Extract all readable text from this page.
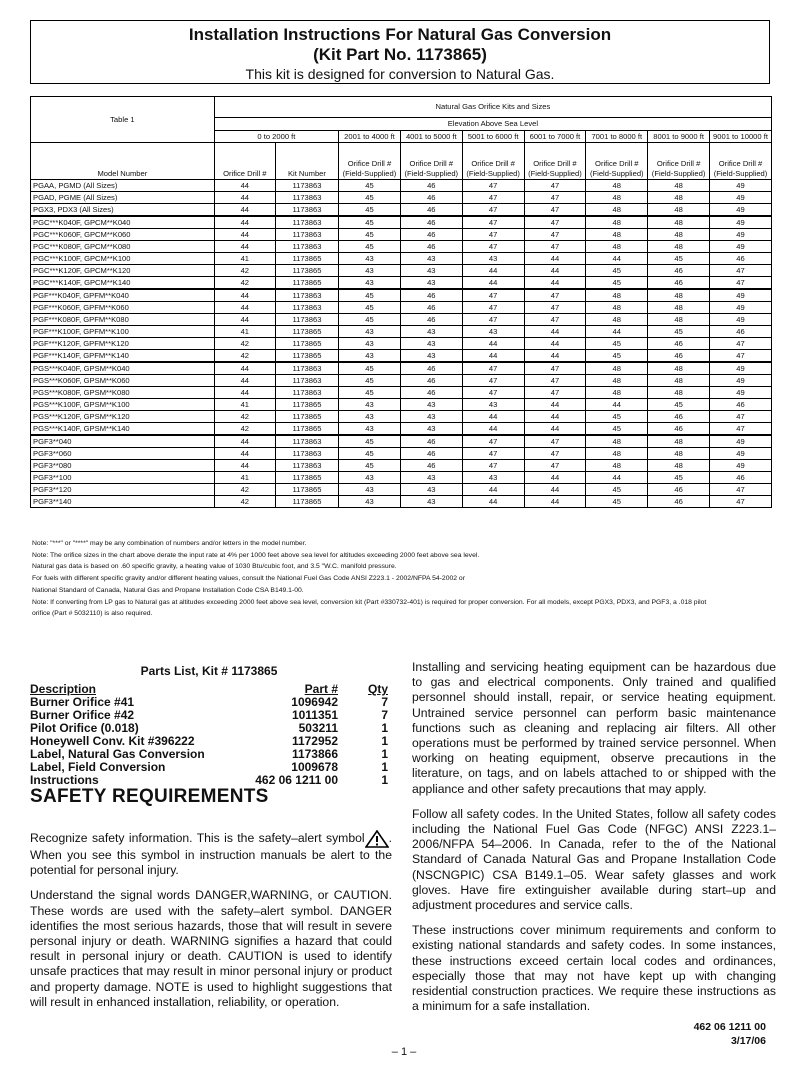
Installation Instructions For Natural Gas Conversion
(Kit Part No. 1173865)
This kit is designed for conversion to Natural Gas.
Table 1	Natural Gas Orifice Kits and Sizes								
	Elevation Above Sea Level								
	0 to 2000 ft		2001 to 4000 ft	4001 to 5000 ft	5001 to 6000 ft	6001 to 7000 ft	7001 to 8000 ft	8001 to 9000 ft	9001 to 10000 ft
Model Number	Orifice Drill #	Kit Number	Orifice Drill # (Field-Supplied)	Orifice Drill # (Field-Supplied)	Orifice Drill # (Field-Supplied)	Orifice Drill # (Field-Supplied)	Orifice Drill # (Field-Supplied)	Orifice Drill # (Field-Supplied)	Orifice Drill # (Field-Supplied)
PGAA, PGMD (All Sizes)	44	1173863	45	46	47	47	48	48	49
PGAD, PGME (All Sizes)	44	1173863	45	46	47	47	48	48	49
PGX3, PDX3 (All Sizes)	44	1173863	45	46	47	47	48	48	49
PGC***K040F, GPCM**K040	44	1173863	45	46	47	47	48	48	49
PGC***K060F, GPCM**K060	44	1173863	45	46	47	47	48	48	49
PGC***K080F, GPCM**K080	44	1173863	45	46	47	47	48	48	49
PGC***K100F, GPCM**K100	41	1173865	43	43	43	44	44	45	46
PGC***K120F, GPCM**K120	42	1173865	43	43	44	44	45	46	47
PGC***K140F, GPCM**K140	42	1173865	43	43	44	44	45	46	47
PGF***K040F, GPFM**K040	44	1173863	45	46	47	47	48	48	49
PGF***K060F, GPFM**K060	44	1173863	45	46	47	47	48	48	49
PGF***K080F, GPFM**K080	44	1173863	45	46	47	47	48	48	49
PGF***K100F, GPFM**K100	41	1173865	43	43	43	44	44	45	46
PGF***K120F, GPFM**K120	42	1173865	43	43	44	44	45	46	47
PGF***K140F, GPFM**K140	42	1173865	43	43	44	44	45	46	47
PGS***K040F, GPSM**K040	44	1173863	45	46	47	47	48	48	49
PGS***K060F, GPSM**K060	44	1173863	45	46	47	47	48	48	49
PGS***K080F, GPSM**K080	44	1173863	45	46	47	47	48	48	49
PGS***K100F, GPSM**K100	41	1173865	43	43	43	44	44	45	46
PGS***K120F, GPSM**K120	42	1173865	43	43	44	44	45	46	47
PGS***K140F, GPSM**K140	42	1173865	43	43	44	44	45	46	47
PGF3**040	44	1173863	45	46	47	47	48	48	49
PGF3**060	44	1173863	45	46	47	47	48	48	49
PGF3**080	44	1173863	45	46	47	47	48	48	49
PGF3**100	41	1173865	43	43	43	44	44	45	46
PGF3**120	42	1173865	43	43	44	44	45	46	47
PGF3**140	42	1173865	43	43	44	44	45	46	47
Note: "***" or "****" may be any combination of numbers and/or letters in the model number.
Note: The orifice sizes in the chart above derate the input rate at 4% per 1000 feet above sea level for altitudes exceeding 2000 feet above sea level.
Natural gas data is based on .60 specific gravity, a heating value of 1030 Btu/cubic foot, and 3.5 "W.C. manifold pressure.
For fuels with different specific gravity and/or different heating values, consult the National Fuel Gas Code ANSI Z223.1 - 2002/NFPA 54-2002 or
National Standard of Canada, Natural Gas and Propane Installation Code CSA B149.1-00.
Note: If converting from LP gas to Natural gas at altitudes exceeding 2000 feet above sea level, conversion kit (Part #330732-401) is required for proper conversion. For all models, except PGX3, PDX3, and PGF3, a .018 pilot
orifice (Part # 5032110) is also required.
Parts List, Kit # 1173865
Description	Part #	Qty
Burner Orifice #41	1096942	7
Burner Orifice #42	1011351	7
Pilot Orifice (0.018)	503211	1
Honeywell Conv. Kit #396222	1172952	1
Label, Natural Gas Conversion	1173866	1
Label, Field Conversion	1009678	1
Instructions	462 06 1211 00	1
SAFETY REQUIREMENTS

Recognize safety information. This is the safety–alert symbol . When you see this symbol in instruction manuals be alert to the potential for personal injury.

Understand the signal words DANGER,WARNING, or CAUTION. These words are used with the safety–alert symbol. DANGER identifies the most serious hazards, those that will result in severe personal injury or death. WARNING signifies a hazard that could result in personal injury or death. CAUTION is used to identify unsafe practices that may result in minor personal injury or product and property damage. NOTE is used to highlight suggestions that will result in enhanced installation, reliability, or operation.

Installing and servicing heating equipment can be hazardous due to gas and electrical components. Only trained and qualified personnel should install, repair, or service heating equipment. Untrained service personnel can perform basic maintenance functions such as cleaning and replacing air filters. All other operations must be performed by trained service personnel. When working on heating equipment, observe precautions in the literature, on tags, and on labels attached to or shipped with the appliance and other safety precautions that may apply.

Follow all safety codes. In the United States, follow all safety codes including the National Fuel Gas Code (NFGC) ANSI Z223.1–2006/NFPA 54–2006. In Canada, refer to the of the National Standard of Canada Natural Gas and Propane Installation Code (NSCNGPIC) CSA B149.1–05. Wear safety glasses and work gloves. Have fire extinguisher available during start–up and adjustment procedures and service calls.

These instructions cover minimum requirements and conform to existing national standards and safety codes. In some instances, these instructions exceed certain local codes and ordinances, especially those that may not have kept up with changing residential construction practices. We require these instructions as a minimum for a safe installation.

462 06 1211 00
3/17/06
– 1 –
